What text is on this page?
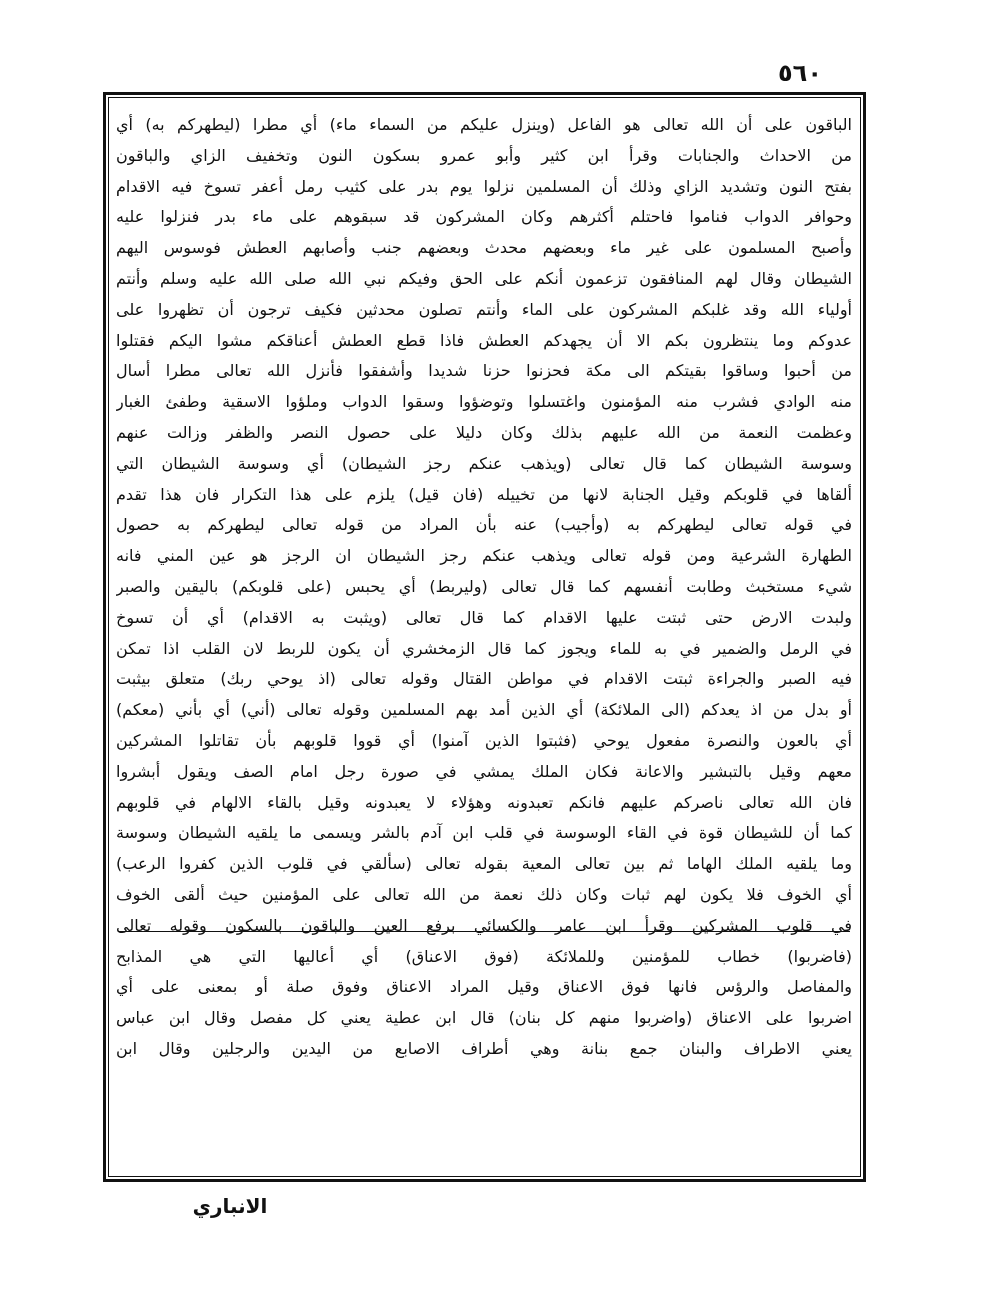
٥٦٠
الباقون على أن الله تعالى هو الفاعل (وينزل عليكم من السماء ماء) أي مطرا (ليطهركم به) أي
من الاحداث والجنابات وقرأ ابن كثير وأبو عمرو بسكون النون وتخفيف الزاي والباقون
بفتح النون وتشديد الزاي وذلك أن المسلمين نزلوا يوم بدر على كثيب رمل أعفر تسوخ فيه الاقدام
وحوافر الدواب فناموا فاحتلم أكثرهم وكان المشركون قد سبقوهم على ماء بدر فنزلوا عليه
وأصبح المسلمون على غير ماء وبعضهم محدث وبعضهم جنب وأصابهم العطش فوسوس اليهم
الشيطان وقال لهم المنافقون تزعمون أنكم على الحق وفيكم نبي الله صلى الله عليه وسلم وأنتم
أولياء الله وقد غلبكم المشركون على الماء وأنتم تصلون محدثين فكيف ترجون أن تظهروا على
عدوكم وما ينتظرون بكم الا أن يجهدكم العطش فاذا قطع العطش أعناقكم مشوا اليكم فقتلوا
من أحبوا وساقوا بقيتكم الى مكة فحزنوا حزنا شديدا وأشفقوا فأنزل الله تعالى مطرا أسال
منه الوادي فشرب منه المؤمنون واغتسلوا وتوضؤوا وسقوا الدواب وملؤوا الاسقية وطفئ الغبار
وعظمت النعمة من الله عليهم بذلك وكان دليلا على حصول النصر والظفر وزالت عنهم
وسوسة الشيطان كما قال تعالى (ويذهب عنكم رجز الشيطان) أي وسوسة الشيطان التي
ألقاها في قلوبكم وقيل الجنابة لانها من تخييله (فان قيل) يلزم على هذا التكرار فان هذا تقدم
في قوله تعالى ليطهركم به (وأجيب) عنه بأن المراد من قوله تعالى ليطهركم به حصول
الطهارة الشرعية ومن قوله تعالى ويذهب عنكم رجز الشيطان ان الرجز هو عين المني فانه
شيء مستخبث وطابت أنفسهم كما قال تعالى (وليربط) أي يحبس (على قلوبكم) باليقين والصبر
ولبدت الارض حتى ثبتت عليها الاقدام كما قال تعالى (ويثبت به الاقدام) أي أن تسوخ
في الرمل والضمير في به للماء ويجوز كما قال الزمخشري أن يكون للربط لان القلب اذا تمكن
فيه الصبر والجراءة ثبتت الاقدام في مواطن القتال وقوله تعالى (اذ يوحي ربك) متعلق بيثبت
أو بدل من اذ يعدكم (الى الملائكة) أي الذين أمد بهم المسلمين وقوله تعالى (أني) أي بأني (معكم)
أي بالعون والنصرة مفعول يوحي (فثبتوا الذين آمنوا) أي قووا قلوبهم بأن تقاتلوا المشركين
معهم وقيل بالتبشير والاعانة فكان الملك يمشي في صورة رجل امام الصف ويقول أبشروا
فان الله تعالى ناصركم عليهم فانكم تعبدونه وهؤلاء لا يعبدونه وقيل بالقاء الالهام في قلوبهم
كما أن للشيطان قوة في القاء الوسوسة في قلب ابن آدم بالشر ويسمى ما يلقيه الشيطان وسوسة
وما يلقيه الملك الهاما ثم بين تعالى المعية بقوله تعالى (سألقي في قلوب الذين كفروا الرعب)
أي الخوف فلا يكون لهم ثبات وكان ذلك نعمة من الله تعالى على المؤمنين حيث ألقى الخوف
في قلوب المشركين وقرأ ابن عامر والكسائي برفع العين والباقون بالسكون وقوله تعالى
(فاضربوا) خطاب للمؤمنين وللملائكة (فوق الاعناق) أي أعاليها التي هي المذابح
والمفاصل والرؤس فانها فوق الاعناق وقيل المراد الاعناق وفوق صلة أو بمعنى على أي
اضربوا على الاعناق (واضربوا منهم كل بنان) قال ابن عطية يعني كل مفصل وقال ابن عباس
يعني الاطراف والبنان جمع بنانة وهي أطراف الاصابع من اليدين والرجلين وقال ابن
الانباري
